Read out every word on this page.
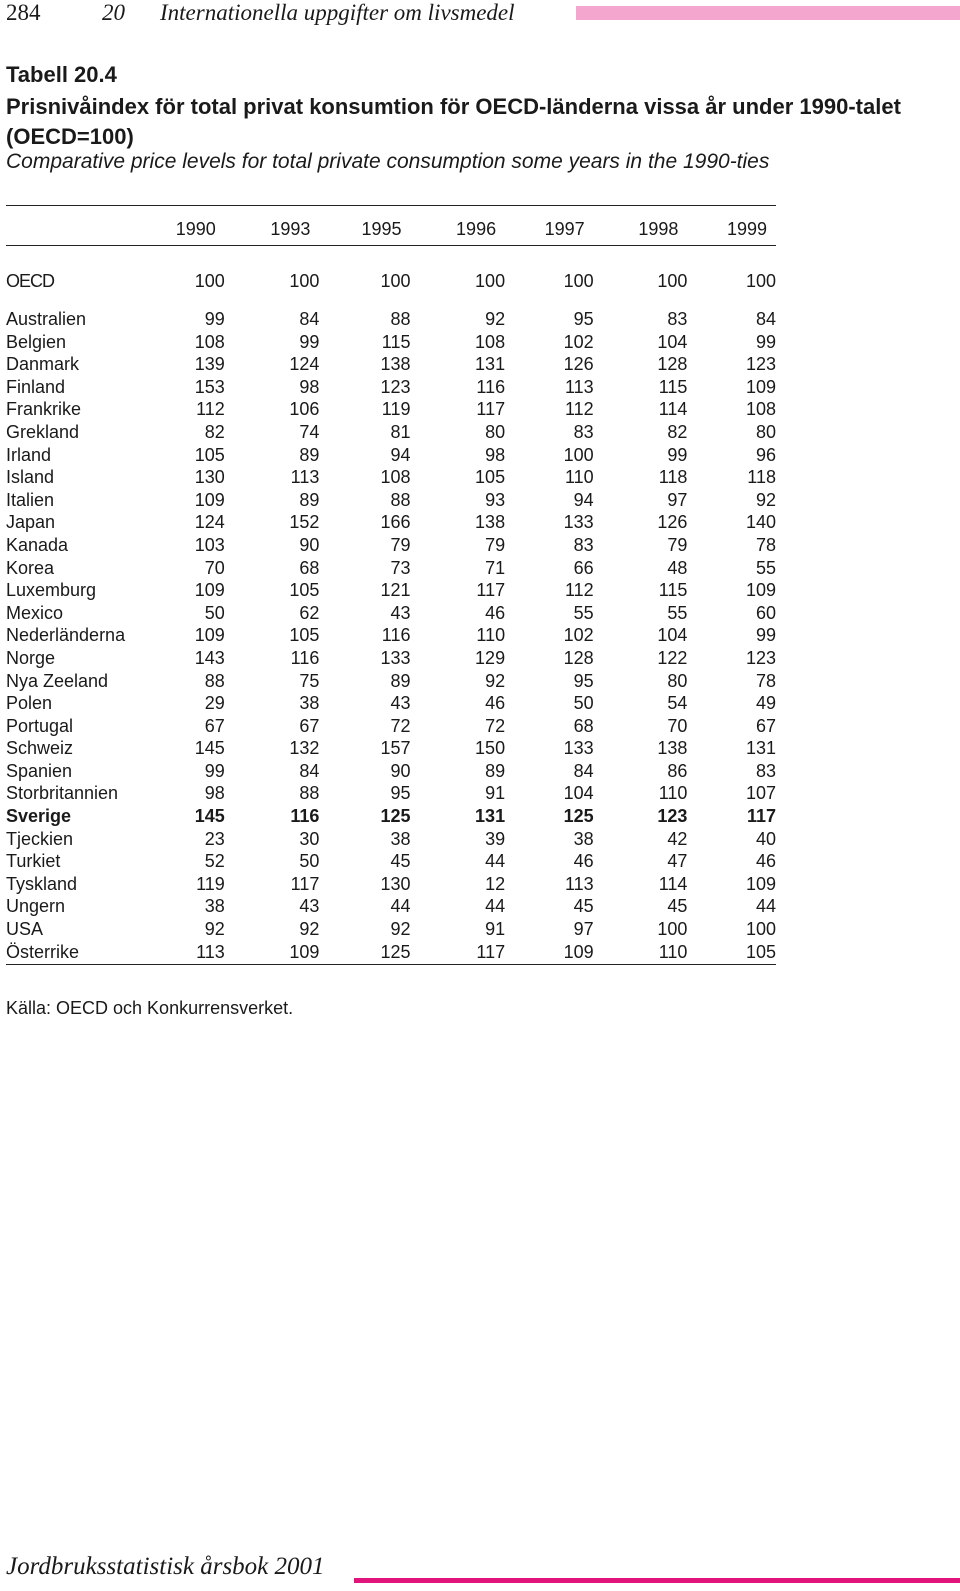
284	20 Internationella uppgifter om livsmedel
Tabell 20.4
Prisnivåindex för total privat konsumtion för OECD-länderna vissa år under 1990-talet (OECD=100)
Comparative price levels for total private consumption some years in the 1990-ties
	1990	1993	1995	1996	1997	1998	1999

OECD	100	100	100	100	100	100	100

Australien	99	84	88	92	95	83	84
Belgien	108	99	115	108	102	104	99
Danmark	139	124	138	131	126	128	123
Finland	153	98	123	116	113	115	109
Frankrike	112	106	119	117	112	114	108
Grekland	82	74	81	80	83	82	80
Irland	105	89	94	98	100	99	96
Island	130	113	108	105	110	118	118
Italien	109	89	88	93	94	97	92
Japan	124	152	166	138	133	126	140
Kanada	103	90	79	79	83	79	78
Korea	70	68	73	71	66	48	55
Luxemburg	109	105	121	117	112	115	109
Mexico	50	62	43	46	55	55	60
Nederländerna	109	105	116	110	102	104	99
Norge	143	116	133	129	128	122	123
Nya Zeeland	88	75	89	92	95	80	78
Polen	29	38	43	46	50	54	49
Portugal	67	67	72	72	68	70	67
Schweiz	145	132	157	150	133	138	131
Spanien	99	84	90	89	84	86	83
Storbritannien	98	88	95	91	104	110	107
Sverige	145	116	125	131	125	123	117
Tjeckien	23	30	38	39	38	42	40
Turkiet	52	50	45	44	46	47	46
Tyskland	119	117	130	12	113	114	109
Ungern	38	43	44	44	45	45	44
USA	92	92	92	91	97	100	100
Österrike	113	109	125	117	109	110	105
Källa: OECD och Konkurrensverket.
Jordbruksstatistisk årsbok 2001
